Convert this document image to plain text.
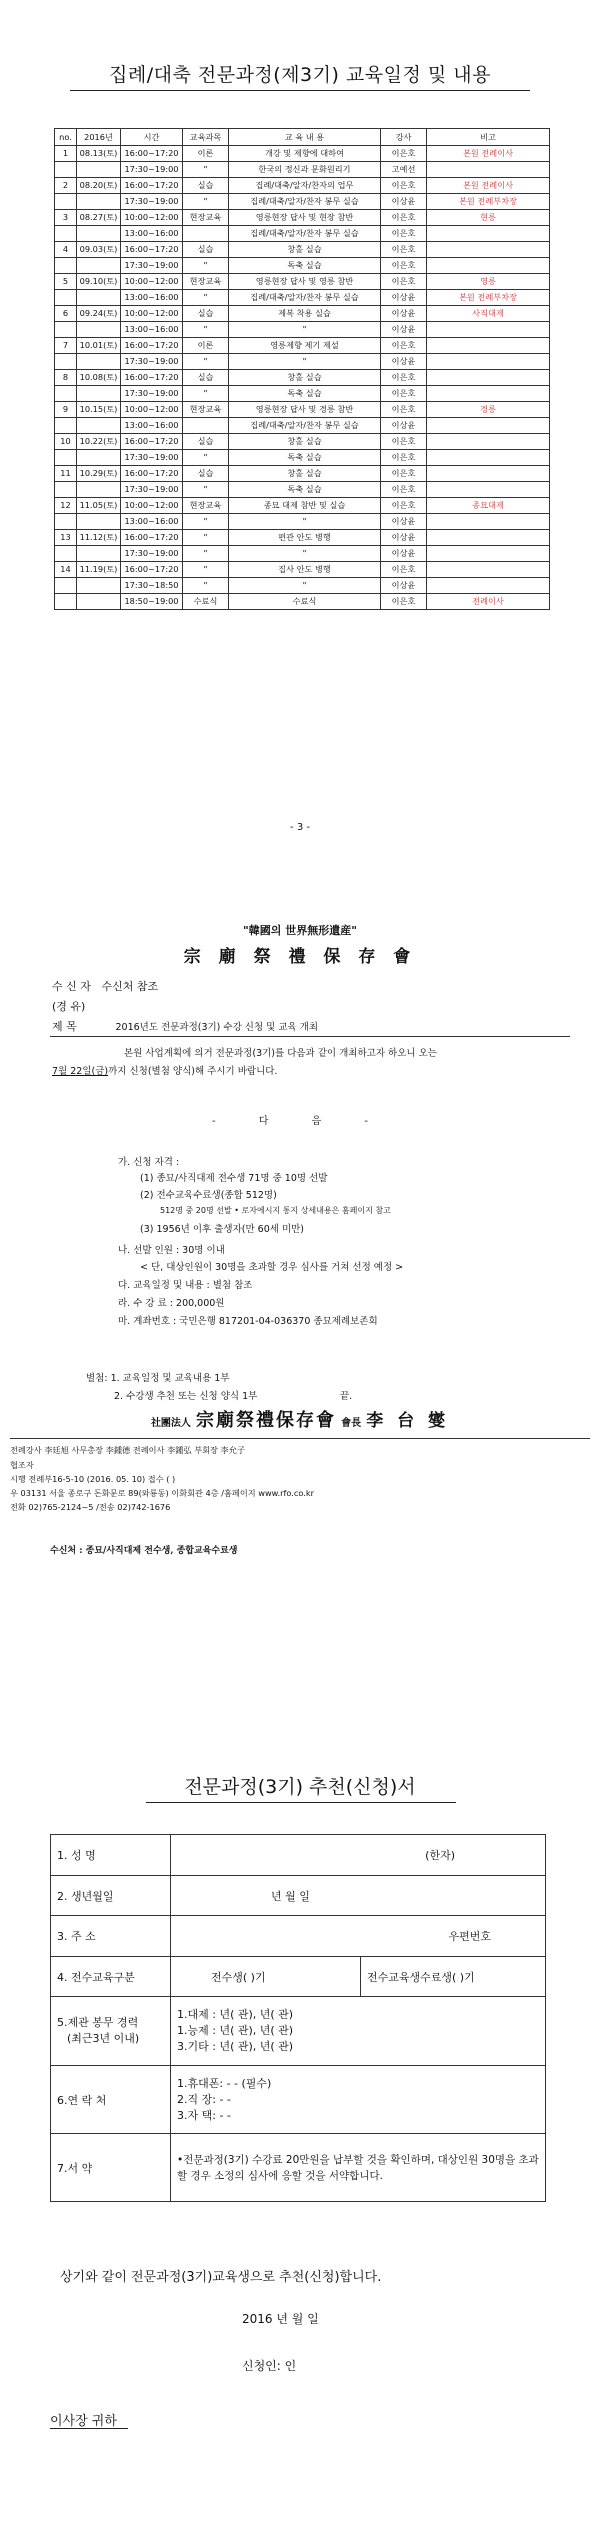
집례/대축 전문과정(제3기) 교육일정 및 내용
no.	2016년	시간	교육과목	교 육 내 용	강사	비고
1	08.13(토)	16:00~17:20	이론	개강 및 제향에 대하여	이은호	본원 전례이사
		17:30~19:00	"	한국의 정신과 문화원리기	고예선	
2	08.20(토)	16:00~17:20	실습	집례/대축/알자/찬자의 업무	이은호	본원 전례이사
		17:30~19:00	"	집례/대축/알자/찬자 봉무 실습	이상윤	본원 전례부차장
3	08.27(토)	10:00~12:00	현장교육	영릉현장 답사 및 현장 참반	이은호	현릉
		13:00~16:00		집례/대축/알자/찬자 봉무 실습	이은호	
4	09.03(토)	16:00~17:20	실습	창홀 실습	이은호	
		17:30~19:00	"	독축 실습	이은호	
5	09.10(토)	10:00~12:00	현장교육	영릉현장 답사 및 영릉 참반	이은호	영릉
		13:00~16:00	"	집례/대축/알자/찬자 봉무 실습	이상윤	본원 전례부차장
6	09.24(토)	10:00~12:00	실습	제복 착용 실습	이상윤	사직대제
		13:00~16:00	"	"	이상윤	
7	10.01(토)	16:00~17:20	이론	영릉제향 제기 제설	이은호	
		17:30~19:00	"	"	이상윤	
8	10.08(토)	16:00~17:20	실습	창홀 실습	이은호	
		17:30~19:00	"	독축 실습	이은호	
9	10.15(토)	10:00~12:00	현장교육	영릉현장 답사 및 경릉 참반	이은호	경릉
		13:00~16:00		집례/대축/알자/찬자 봉무 실습	이상윤	
10	10.22(토)	16:00~17:20	실습	창홀 실습	이은호	
		17:30~19:00	"	독축 실습	이은호	
11	10.29(토)	16:00~17:20	실습	창홀 실습	이은호	
		17:30~19:00	"	독축 실습	이은호	
12	11.05(토)	10:00~12:00	현장교육	종묘 대제 참반 및 실습	이은호	종묘대제
		13:00~16:00	"	"	이상윤	
13	11.12(토)	16:00~17:20	"	편관 안도 병행	이상윤	
		17:30~19:00	"	"	이상윤	
14	11.19(토)	16:00~17:20	"	집사 안도 병행	이은호	
		17:30~18:50	"	"	이상윤	
		18:50~19:00	수료식	수료식	이은호	전례이사
- 3 -
"韓國의 世界無形遺産"
宗 廟 祭 禮 保 存 會
수 신 자 수신처 참조
(경 유)
제 목	2016년도 전문과정(3기) 수강 신청 및 교육 개최
본원 사업계획에 의거 전문과정(3기)를 다음과 같이 개최하고자 하오니 오는
7월 22일(금)까지 신청(별첨 양식)해 주시기 바랍니다.
- 다 음 -
가. 신청 자격 :
(1) 종묘/사직대제 전수생 71명 중 10명 선발
(2) 전수교육수료생(종합 512명)
512명 중 20명 선발 • 로자에시지 통지 상세내용은 홈페이지 참고
(3) 1956년 이후 출생자(만 60세 미만)
나. 선발 인원 : 30명 이내
< 단, 대상인원이 30명을 초과할 경우 심사를 거쳐 선정 예정 >
다. 교육일정 및 내용 : 별첨 참조
라. 수 강 료 : 200,000원
마. 계좌번호 : 국민은행 817201-04-036370 종묘제례보존회
별첨: 1. 교육일정 및 교육내용 1부
2. 수강생 추천 또는 신청 양식 1부	끝.
社團法人 宗廟祭禮保存會 會長 李 台 燮
전례강사 李廷旭 사무총장 李鍾德 전례이사 李鍾弘 부회장 李允子
협조자
시행 전례부16-5-10 (2016. 05. 10) 접수 ( )
우 03131 서울 종로구 돈화문로 89(와룡동) 이화회관 4층 /홈페이지 www.rfo.co.kr
전화 02)765-2124~5 /전송 02)742-1676
수신처 : 종묘/사직대제 전수생, 종합교육수료생
전문과정(3기) 추천(신청)서
1. 성 명	(한자)	
2. 생년월일	년 월 일	
3. 주 소	우편번호	
4. 전수교육구분	전수생( )기	전수교육생수료생( )기

5.제관 봉무 경력
(최근3년 이내)	1.대제 : 년( 관), 년( 관)
1.능제 : 년( 관), 년( 관)
3.기타 : 년( 관), 년( 관)	

6.연 락 처	1.휴대폰: - - (필수)
2.직 장: - -
3.자 택: - -	

7.서 약	•전문과정(3기) 수강료 20만원을 납부할 것을 확인하며, 대상인원 30명을 초과할 경우 소정의 심사에 응할 것을 서약합니다.	
상기와 같이 전문과정(3기)교육생으로 추천(신청)합니다.
2016 년 월 일
신청인: 인
이사장 귀하
